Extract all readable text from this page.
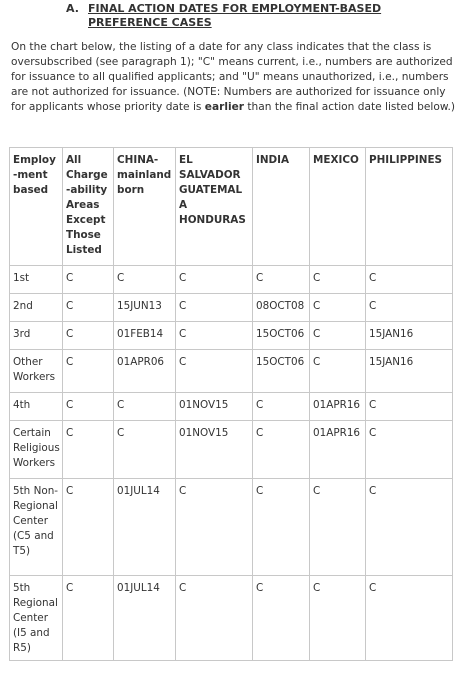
A. FINAL ACTION DATES FOR EMPLOYMENT-BASED
PREFERENCE CASES
On the chart below, the listing of a date for any class indicates that the class is oversubscribed (see paragraph 1); "C" means current, i.e., numbers are authorized for issuance to all qualified applicants; and "U" means unauthorized, i.e., numbers are not authorized for issuance. (NOTE: Numbers are authorized for issuance only for applicants whose priority date is earlier than the final action date listed below.)
Employ-ment based	All Charge-ability Areas Except Those Listed	CHINA-mainland born	EL SALVADOR GUATEMALA HONDURAS	INDIA	MEXICO	PHILIPPINES
1st	C	C	C	C	C	C
2nd	C	15JUN13	C	08OCT08	C	C
3rd	C	01FEB14	C	15OCT06	C	15JAN16
Other Workers	C	01APR06	C	15OCT06	C	15JAN16
4th	C	C	01NOV15	C	01APR16	C
Certain Religious Workers	C	C	01NOV15	C	01APR16	C
5th Non-Regional Center (C5 and T5)	C	01JUL14	C	C	C	C
5th Regional Center (I5 and R5)	C	01JUL14	C	C	C	C
